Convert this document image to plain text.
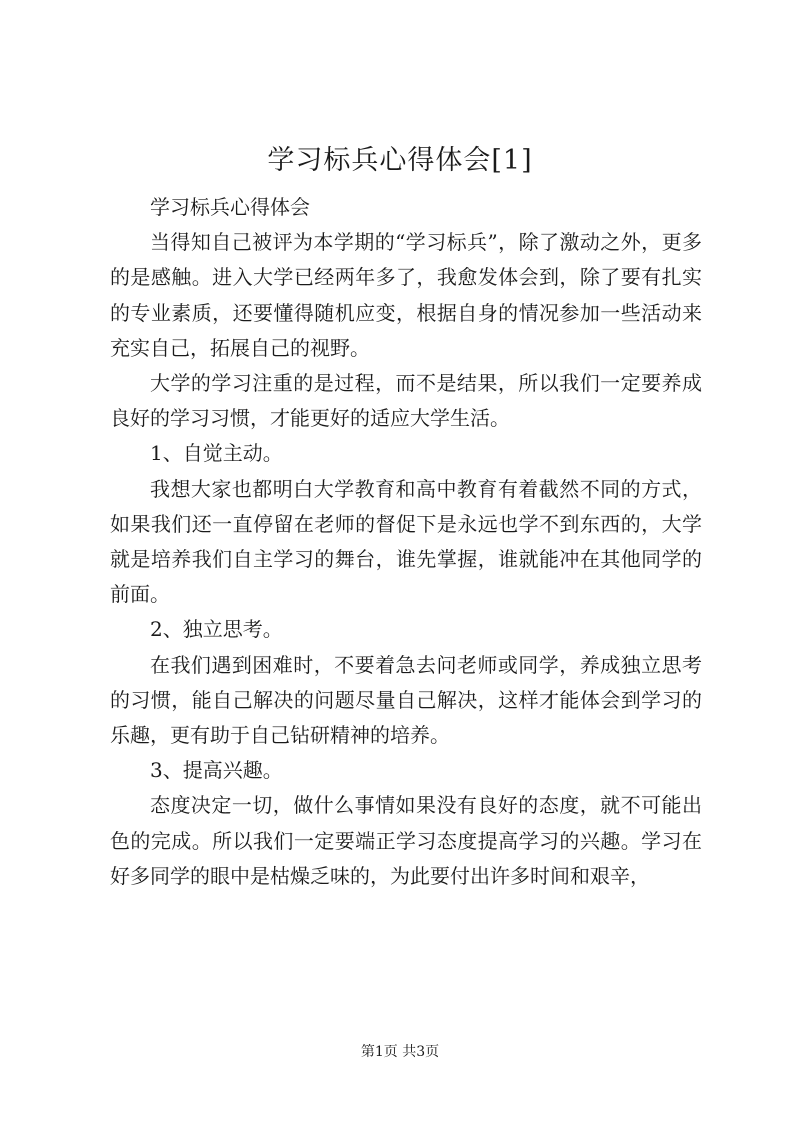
学习标兵心得体会[1]

学习标兵心得体会

当得知自己被评为本学期的“学习标兵”，除了激动之外，更多的是感触。进入大学已经两年多了，我愈发体会到，除了要有扎实的专业素质，还要懂得随机应变，根据自身的情况参加一些活动来充实自己，拓展自己的视野。

大学的学习注重的是过程，而不是结果，所以我们一定要养成良好的学习习惯，才能更好的适应大学生活。

1、自觉主动。

我想大家也都明白大学教育和高中教育有着截然不同的方式，如果我们还一直停留在老师的督促下是永远也学不到东西的，大学就是培养我们自主学习的舞台，谁先掌握，谁就能冲在其他同学的前面。

2、独立思考。

在我们遇到困难时，不要着急去问老师或同学，养成独立思考的习惯，能自己解决的问题尽量自己解决，这样才能体会到学习的乐趣，更有助于自己钻研精神的培养。

3、提高兴趣。

态度决定一切，做什么事情如果没有良好的态度，就不可能出色的完成。所以我们一定要端正学习态度提高学习的兴趣。学习在好多同学的眼中是枯燥乏味的，为此要付出许多时间和艰辛，

第1页 共3页
